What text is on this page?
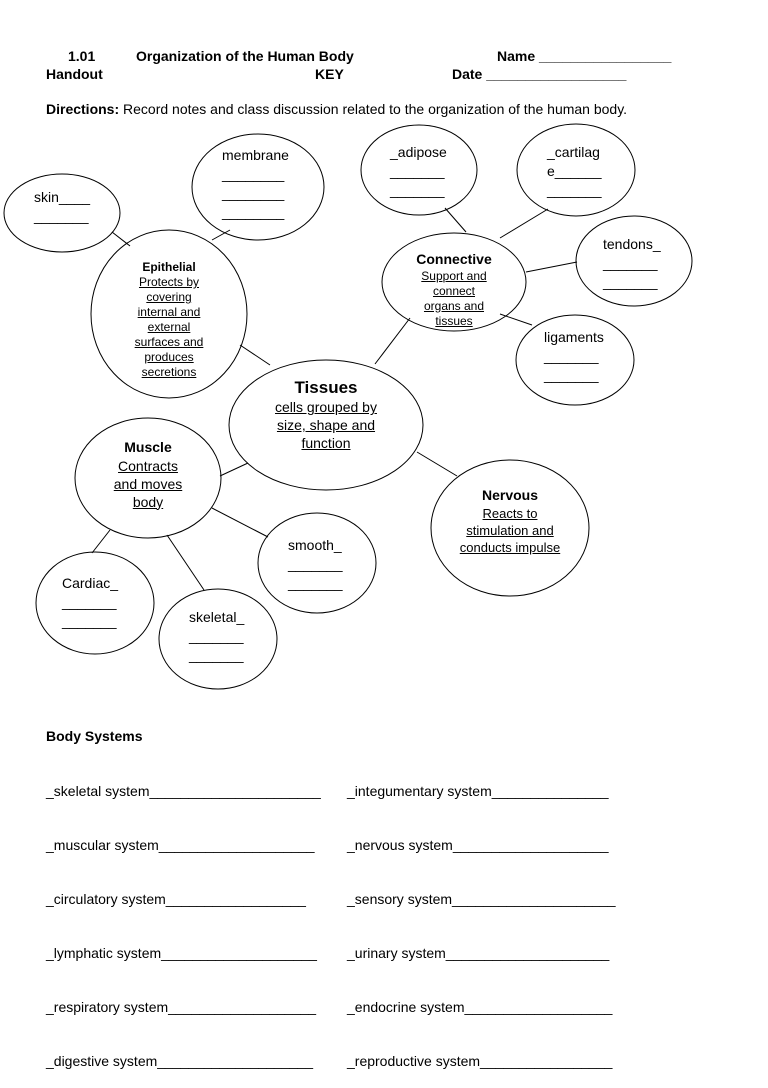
1.01
Handout
Organization of the Human Body
KEY
Name _________________
Date __________________
Directions: Record notes and class discussion related to the organization of the human body.
Epithelial
Protects by covering internal and external surfaces and produces secretions
Connective
Support and connect organs and tissues
Tissues
cells grouped by size, shape and function
Muscle
Contracts and moves body	Nervous
Reacts to stimulation and conducts impulse
skin____
_______
membrane
________
________
________
_adipose
_______
_______
_cartilag
e______
_______
tendons_
_______
_______
ligaments
_______
_______
Cardiac_
_______
_______	skeletal_
_______
_______
smooth_
_______
_______
Body Systems

_skeletal system______________________

_muscular system____________________

_circulatory system__________________

_lymphatic system____________________

_respiratory system___________________

_digestive system____________________

_integumentary system_______________

_nervous system____________________

_sensory system_____________________

_urinary system_____________________

_endocrine system___________________

_reproductive system_________________
